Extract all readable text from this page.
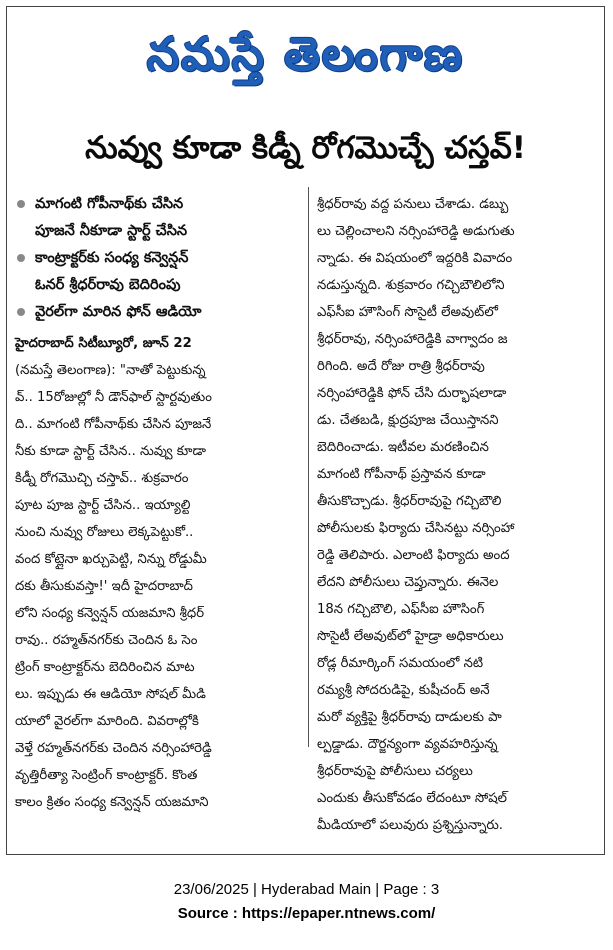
నమస్తే తెలంగాణ
నువ్వు కూడా కిడ్నీ రోగమొచ్చే చస్తవ్!
మాగంటి గోపీనాథ్‌కు చేసిన
పూజనే నీకూడా స్టార్ట్ చేసిన
కాంట్రాక్టర్‌కు సంధ్య కన్వెన్షన్
ఓనర్ శ్రీధర్‌రావు బెదిరింపు
వైరల్‌గా మారిన ఫోన్ ఆడియో
హైదరాబాద్ సిటీబ్యూరో, జూన్ 22
(నమస్తే తెలంగాణ): "నాతో పెట్టుకున్న
వ్.. 15రోజుల్లో నీ డౌన్‌ఫాల్ స్టార్టవుతుం
ది.. మాగంటి గోపీనాథ్‌కు చేసిన పూజనే
నీకు కూడా స్టార్ట్ చేసిన.. నువ్వు కూడా
కిడ్నీ రోగమొచ్చి చస్తావ్.. శుక్రవారం
పూట పూజ స్టార్ట్ చేసిన.. ఇయ్యాల్టి
నుంచి నువ్వు రోజులు లెక్కపెట్టుకో..
వంద కోట్లైనా ఖర్చుపెట్టి, నిన్ను రోడ్డుమీ
దకు తీసుకువస్తా!' ఇదీ హైదరాబాద్
లోని సంధ్య కన్వెన్షన్ యజమాని శ్రీధర్
రావు.. రహ్మత్‌నగర్‌కు చెందిన ఓ సెం
ట్రింగ్ కాంట్రాక్టర్‌ను బెదిరించిన మాట
లు. ఇప్పుడు ఈ ఆడియో సోషల్ మీడి
యాలో వైరల్‌గా మారింది. వివరాల్లోకి
వెళ్తే రహ్మత్‌నగర్‌కు చెందిన నర్సింహారెడ్డి
వృత్తిరీత్యా సెంట్రింగ్ కాంట్రాక్టర్. కొంత
కాలం క్రితం సంధ్య కన్వెన్షన్ యజమాని
శ్రీధర్‌రావు వద్ద పనులు చేశాడు. డబ్బు
లు చెల్లించాలని నర్సింహారెడ్డి అడుగుతు
న్నాడు. ఈ విషయంలో ఇద్దరికి వివాదం
నడుస్తున్నది. శుక్రవారం గచ్చిబౌలిలోని
ఎఫ్‌సీఐ హౌసింగ్ సొసైటీ లేఅవుట్‌లో
శ్రీధర్‌రావు, నర్సింహారెడ్డికి వాగ్వాదం జ
రిగింది. అదే రోజు రాత్రి శ్రీధర్‌రావు
నర్సింహారెడ్డికి ఫోన్ చేసి దుర్భాషలాడా
డు. చేతబడి, క్షుద్రపూజ చేయిస్తానని
బెదిరించాడు. ఇటీవల మరణించిన
మాగంటి గోపీనాథ్ ప్రస్తావన కూడా
తీసుకొచ్చాడు. శ్రీధర్‌రావుపై గచ్చిబౌలి
పోలీసులకు ఫిర్యాదు చేసినట్టు నర్సింహా
రెడ్డి తెలిపారు. ఎలాంటి ఫిర్యాదు అంద
లేదని పోలీసులు చెప్తున్నారు. ఈనెల
18న గచ్చిబౌలి, ఎఫ్‌సీఐ హౌసింగ్
సొసైటీ లేఅవుట్‌లో హైడ్రా అధికారులు
రోడ్ల రీమార్కింగ్ సమయంలో నటి
రమ్యశ్రీ సోదరుడిపై, కుషీచంద్ అనే
మరో వ్యక్తిపై శ్రీధర్‌రావు దాడులకు పా
ల్పడ్డాడు. దౌర్జన్యంగా వ్యవహరిస్తున్న
శ్రీధర్‌రావుపై పోలీసులు చర్యలు
ఎందుకు తీసుకోవడం లేదంటూ సోషల్
మీడియాలో పలువురు ప్రశ్నిస్తున్నారు.
23/06/2025 | Hyderabad Main | Page : 3
Source : https://epaper.ntnews.com/
